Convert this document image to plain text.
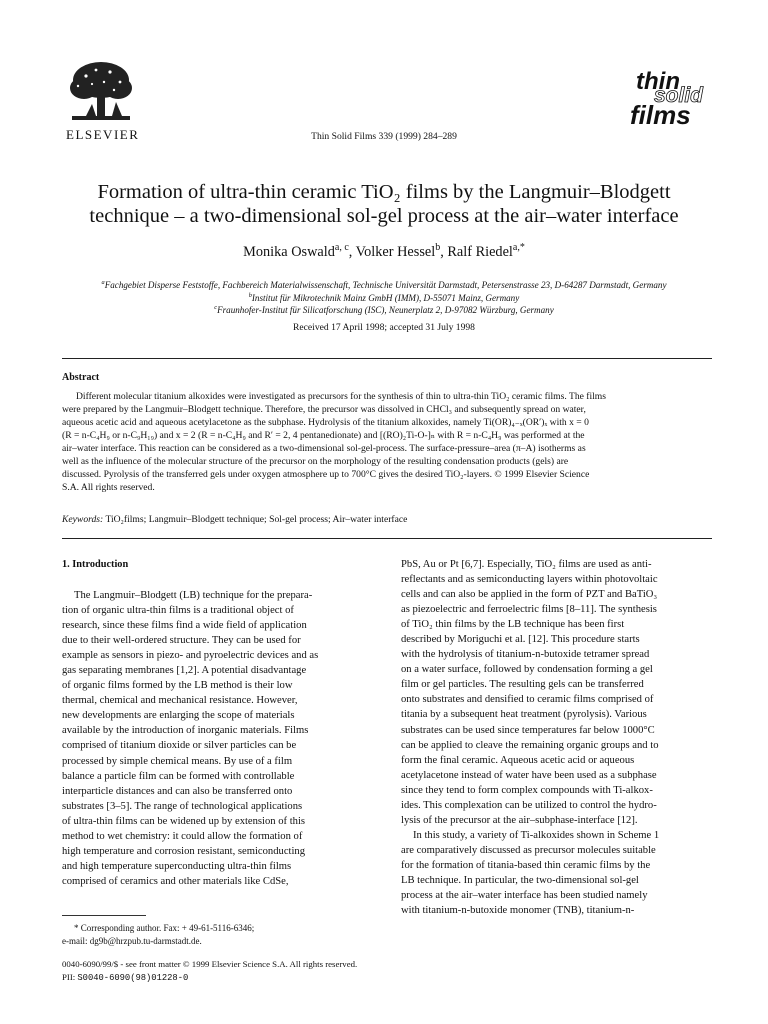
ELSEVIER	Thin Solid Films 339 (1999) 284–289
thin
solid
films
Formation of ultra-thin ceramic TiO₂ films by the Langmuir–Blodgett
technique – a two-dimensional sol-gel process at the air–water interface
Monika Oswald$^{a, c}$, Volker Hessel$^b$, Ralf Riedel$^{a,*}$
$^a$Fachgebiet Disperse Feststoffe, Fachbereich Materialwissenschaft, Technische Universität Darmstadt, Petersenstrasse 23, D-64287 Darmstadt, Germany
$^b$Institut für Mikrotechnik Mainz GmbH (IMM), D-55071 Mainz, Germany
$^c$Fraunhofer-Institut für Silicatforschung (ISC), Neunerplatz 2, D-97082 Würzburg, Germany
Received 17 April 1998; accepted 31 July 1998
Abstract
Different molecular titanium alkoxides were investigated as precursors for the synthesis of thin to ultra-thin TiO₂ ceramic films. The films
were prepared by the Langmuir–Blodgett technique. Therefore, the precursor was dissolved in CHCl₃ and subsequently spread on water,
aqueous acetic acid and aqueous acetylacetone as the subphase. Hydrolysis of the titanium alkoxides, namely Ti(OR)₄₋ₓ(OR′)ₓ with x = 0
(R = n-C₄H₉ or n-C₉H₁₉) and x = 2 (R = n-C₄H₉ and R′ = 2, 4 pentanedionate) and [(RO)₂Ti-O-]ₙ with R = n-C₄H₉ was performed at the
air–water interface. This reaction can be considered as a two-dimensional sol-gel-process. The surface-pressure–area (π–A) isotherms as
well as the influence of the molecular structure of the precursor on the morphology of the resulting condensation products (gels) are
discussed. Pyrolysis of the transferred gels under oxygen atmosphere up to 700°C gives the desired TiO₂-layers. © 1999 Elsevier Science
S.A. All rights reserved.
Keywords: TiO₂films; Langmuir–Blodgett technique; Sol-gel process; Air–water interface
1. Introduction
The Langmuir–Blodgett (LB) technique for the prepara-
tion of organic ultra-thin films is a traditional object of
research, since these films find a wide field of application
due to their well-ordered structure. They can be used for
example as sensors in piezo- and pyroelectric devices and as
gas separating membranes [1,2]. A potential disadvantage
of organic films formed by the LB method is their low
thermal, chemical and mechanical resistance. However,
new developments are enlarging the scope of materials
available by the introduction of inorganic materials. Films
comprised of titanium dioxide or silver particles can be
processed by simple chemical means. By use of a film
balance a particle film can be formed with controllable
interparticle distances and can also be transferred onto
substrates [3–5]. The range of technological applications
of ultra-thin films can be widened up by extension of this
method to wet chemistry: it could allow the formation of
high temperature and corrosion resistant, semiconducting
and high temperature superconducting ultra-thin films
comprised of ceramics and other materials like CdSe,
PbS, Au or Pt [6,7]. Especially, TiO₂ films are used as anti-
reflectants and as semiconducting layers within photovoltaic
cells and can also be applied in the form of PZT and BaTiO₃
as piezoelectric and ferroelectric films [8–11]. The synthesis
of TiO₂ thin films by the LB technique has been first
described by Moriguchi et al. [12]. This procedure starts
with the hydrolysis of titanium-n-butoxide tetramer spread
on a water surface, followed by condensation forming a gel
film or gel particles. The resulting gels can be transferred
onto substrates and densified to ceramic films comprised of
titania by a subsequent heat treatment (pyrolysis). Various
substrates can be used since temperatures far below 1000°C
can be applied to cleave the remaining organic groups and to
form the final ceramic. Aqueous acetic acid or aqueous
acetylacetone instead of water have been used as a subphase
since they tend to form complex compounds with Ti-alkox-
ides. This complexation can be utilized to control the hydro-
lysis of the precursor at the air–subphase-interface [12].
In this study, a variety of Ti-alkoxides shown in Scheme 1
are comparatively discussed as precursor molecules suitable
for the formation of titania-based thin ceramic films by the
LB technique. In particular, the two-dimensional sol-gel
process at the air–water interface has been studied namely
with titanium-n-butoxide monomer (TNB), titanium-n-
* Corresponding author. Fax: + 49-61-5116-6346;
e-mail: dg9b@hrzpub.tu-darmstadt.de.
0040-6090/99/$ - see front matter © 1999 Elsevier Science S.A. All rights reserved.
PII: S0040-6090(98)01228-0
